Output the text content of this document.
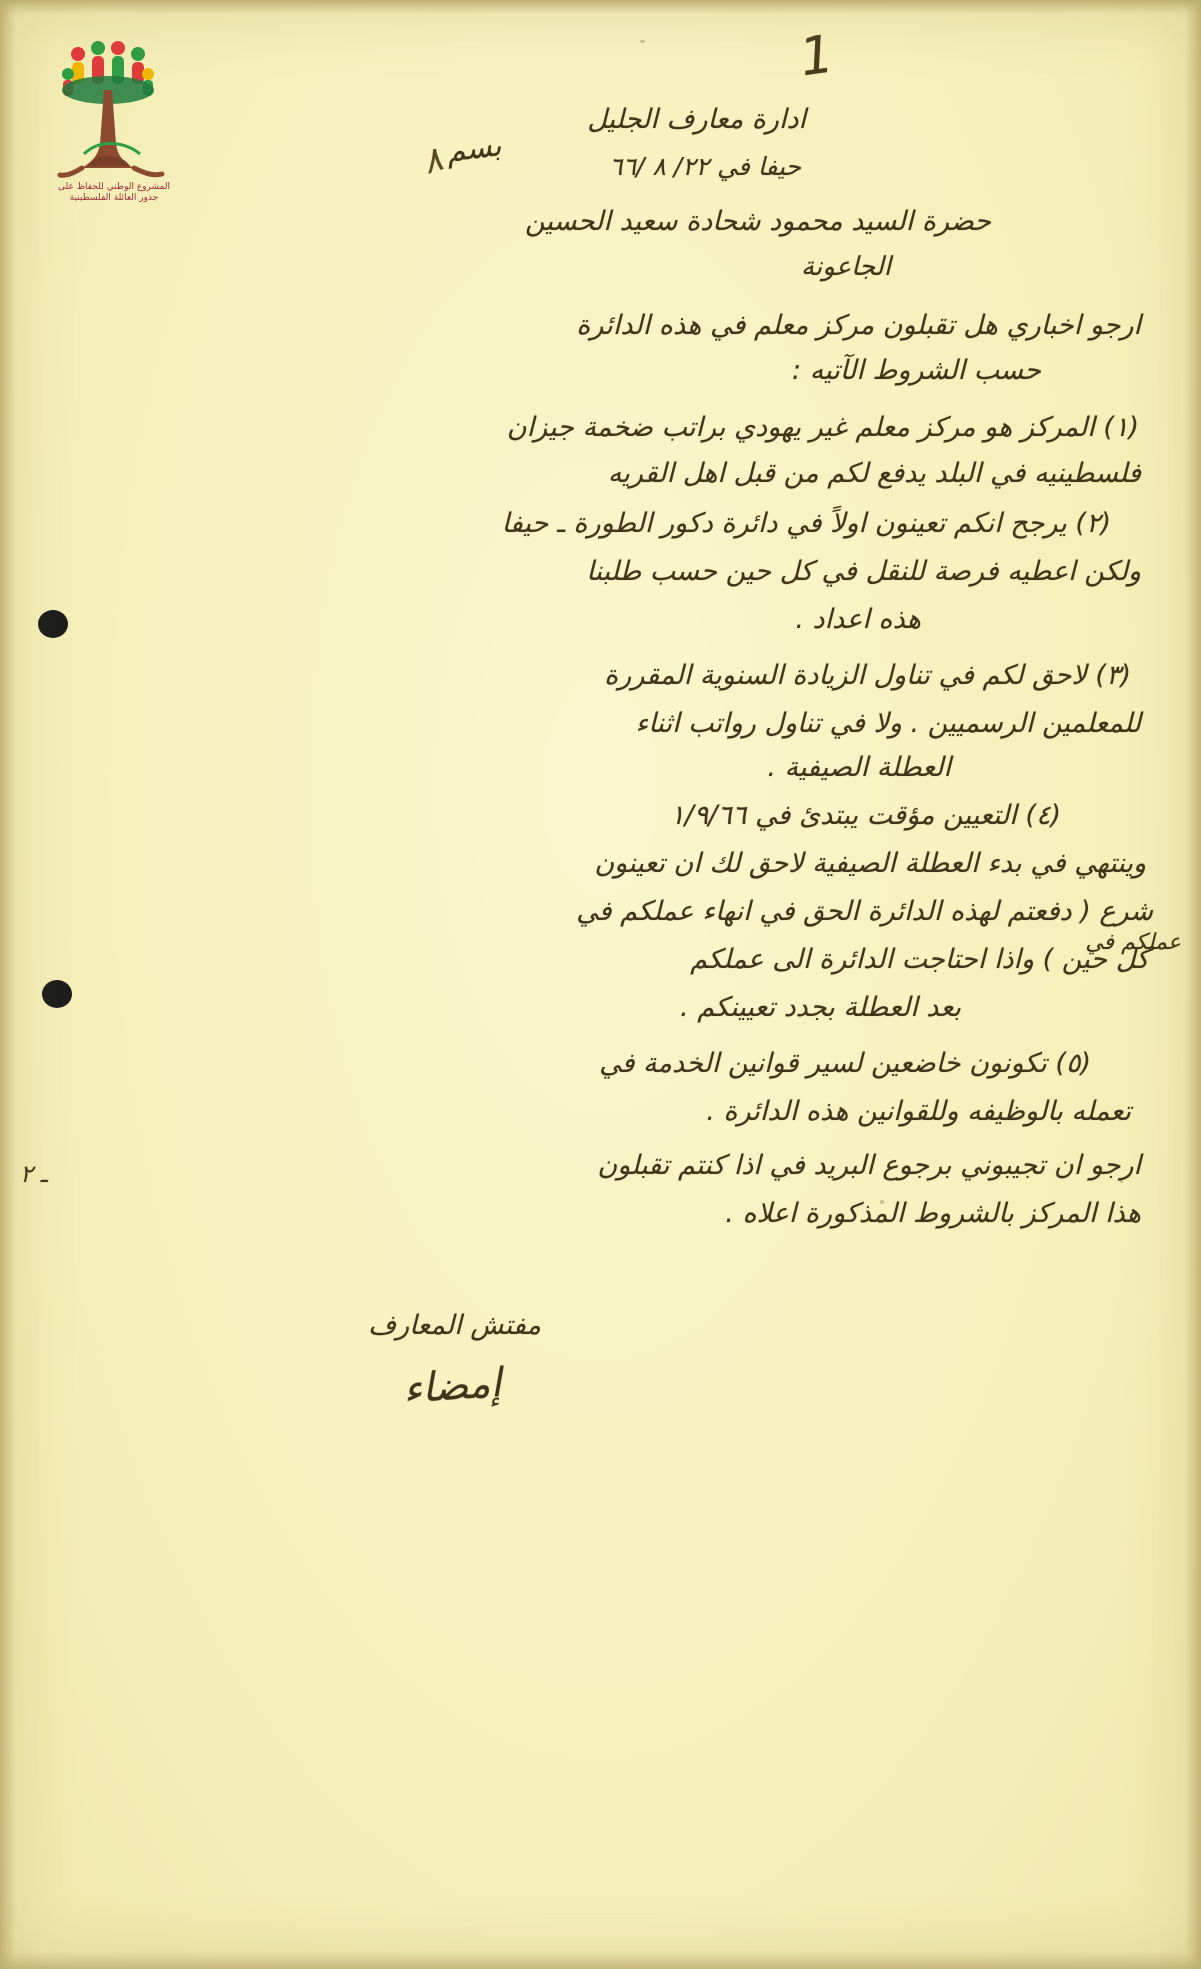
المشروع الوطني للحفاظ على
جذور العائلة الفلسطينية
1
ادارة معارف الجليل
حيفا في ٢٢/ ٨ /٦٦
بسم
٨
حضرة السيد محمود شحادة سعيد الحسين
الجاعونة
ارجو اخباري هل تقبلون مركز معلم في هذه الدائرة
حسب الشروط الآتيه :
(١) المركز هو مركز معلم غير يهودي براتب ضخمة جيزان
فلسطينيه في البلد يدفع لكم من قبل اهل القريه
(٢) يرجح انكم تعينون اولاً في دائرة دكور الطورة ـ حيفا
ولكن اعطيه فرصة للنقل في كل حين حسب طلبنا
هذه اعداد .
(٣) لاحق لكم في تناول الزيادة السنوية المقررة
للمعلمين الرسميين . ولا في تناول رواتب اثناء
العطلة الصيفية .
(٤) التعيين مؤقت يبتدئ في ١/٩/٦٦
وينتهي في بدء العطلة الصيفية لاحق لك ان تعينون
شرع ( دفعتم لهذه الدائرة الحق في انهاء عملكم في
كل حين ) واذا احتاجت الدائرة الى عملكم
بعد العطلة بجدد تعيينكم .
(٥) تكونون خاضعين لسير قوانين الخدمة في
تعمله بالوظيفه وللقوانين هذه الدائرة .
ارجو ان تجيبوني برجوع البريد في اذا كنتم تقبلون
هذا المركز بالشروط المذكورة اعلاه .
عملكم في
ـ ٢
مفتش المعارف
إمضاء
